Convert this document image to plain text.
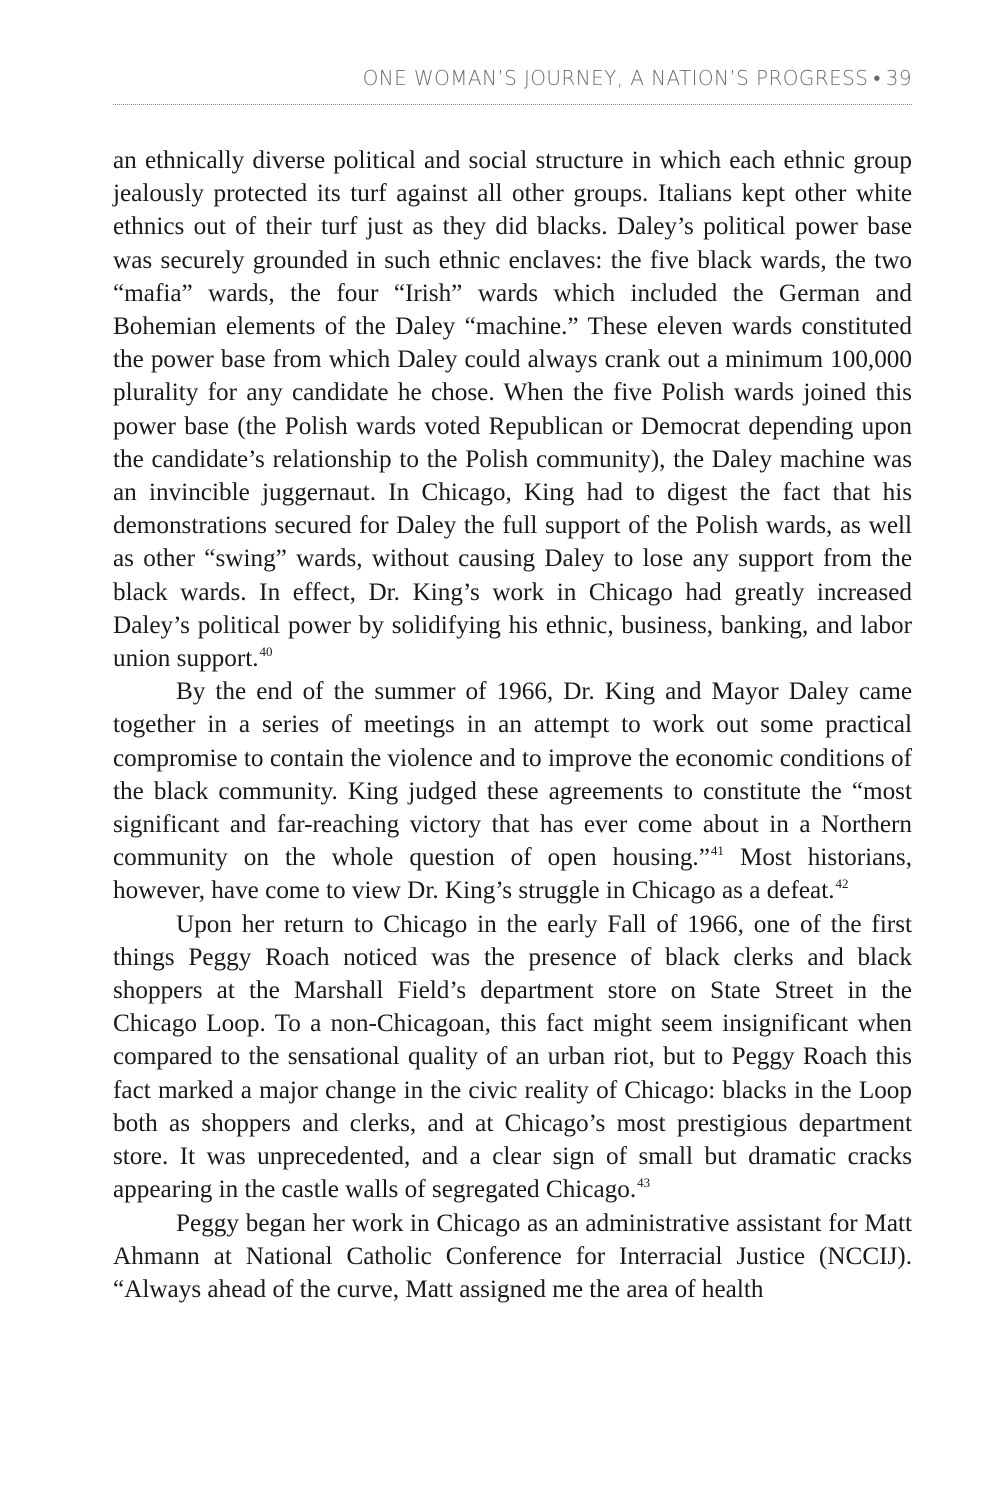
ONE WOMAN’S JOURNEY, A NATION’S PROGRESS • 39

an ethnically diverse political and social structure in which each ethnic group jealously protected its turf against all other groups. Italians kept other white ethnics out of their turf just as they did blacks. Daley’s political power base was securely grounded in such ethnic enclaves: the five black wards, the two “mafia” wards, the four “Irish” wards which included the German and Bohemian elements of the Daley “machine.” These eleven wards constituted the power base from which Daley could always crank out a minimum 100,000 plurality for any candidate he chose. When the five Polish wards joined this power base (the Polish wards voted Republican or Democrat depending upon the candidate’s relationship to the Polish community), the Daley machine was an invincible juggernaut. In Chicago, King had to digest the fact that his demonstrations secured for Daley the full support of the Polish wards, as well as other “swing” wards, without causing Daley to lose any support from the black wards. In effect, Dr. King’s work in Chicago had greatly increased Daley’s political power by solidifying his ethnic, business, banking, and labor union support.$^{40}$

By the end of the summer of 1966, Dr. King and Mayor Daley came together in a series of meetings in an attempt to work out some practical compromise to contain the violence and to improve the economic conditions of the black community. King judged these agreements to constitute the “most significant and far-reaching victory that has ever come about in a Northern community on the whole question of open housing.”$^{41}$ Most historians, however, have come to view Dr. King’s struggle in Chicago as a defeat.$^{42}$

Upon her return to Chicago in the early Fall of 1966, one of the first things Peggy Roach noticed was the presence of black clerks and black shoppers at the Marshall Field’s department store on State Street in the Chicago Loop. To a non-Chicagoan, this fact might seem insignificant when compared to the sensational quality of an urban riot, but to Peggy Roach this fact marked a major change in the civic reality of Chicago: blacks in the Loop both as shoppers and clerks, and at Chicago’s most prestigious department store. It was unprecedented, and a clear sign of small but dramatic cracks appearing in the castle walls of segregated Chicago.$^{43}$

Peggy began her work in Chicago as an administrative assistant for Matt Ahmann at National Catholic Conference for Interracial Justice (NCCIJ). “Always ahead of the curve, Matt assigned me the area of health
